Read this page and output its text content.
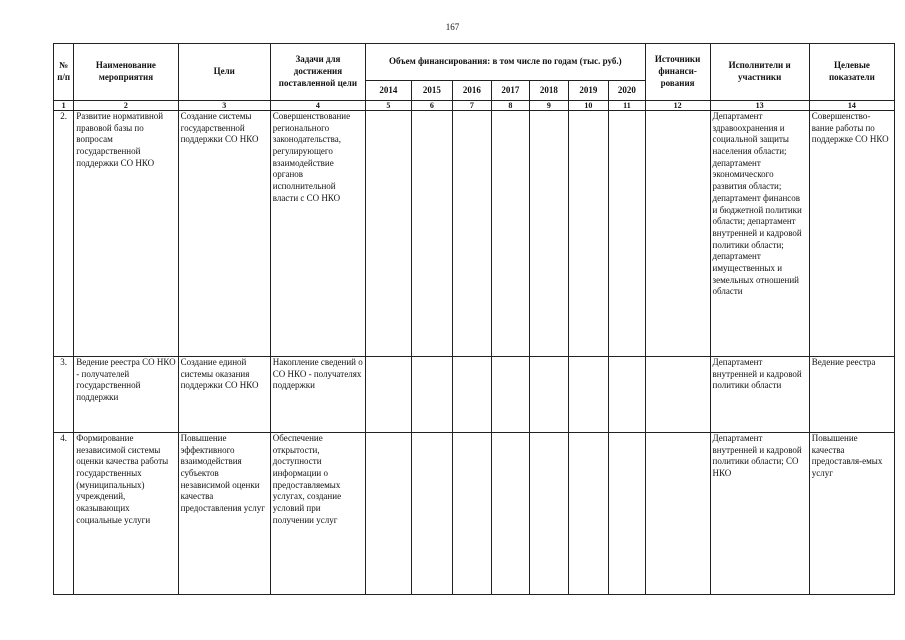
167
№ п/п	Наименование мероприятия	Цели	Задачи для достижения поставленной цели	Объем финансирования: в том числе по годам (тыс. руб.)							Источники финанси-рования	Исполнители и участники	Целевые показатели
				2014	2015	2016	2017	2018	2019	2020			
1	2	3	4	5	6	7	8	9	10	11	12	13	14
2.	Развитие нормативной правовой базы по вопросам государственной поддержки СО НКО	Создание системы государственной поддержки СО НКО	Совершенствование регионального законодательства, регулирующего взаимодействие органов исполнительной власти с СО НКО									Департамент здравоохранения и социальной защиты населения области; департамент экономического развития области; департамент финансов и бюджетной политики области; департамент внутренней и кадровой политики области; департамент имущественных и земельных отношений области	Совершенство-вание работы по поддержке СО НКО
3.	Ведение реестра СО НКО - получателей государственной поддержки	Создание единой системы оказания поддержки СО НКО	Накопление сведений о СО НКО - получателях поддержки									Департамент внутренней и кадровой политики области	Ведение реестра
4.	Формирование независимой системы оценки качества работы государственных (муниципальных) учреждений, оказывающих социальные услуги	Повышение эффективного взаимодействия субъектов независимой оценки качества предоставления услуг	Обеспечение открытости, доступности информации о предоставляемых услугах, создание условий при получении услуг									Департамент внутренней и кадровой политики области; СО НКО	Повышение качества предоставля-емых услуг
